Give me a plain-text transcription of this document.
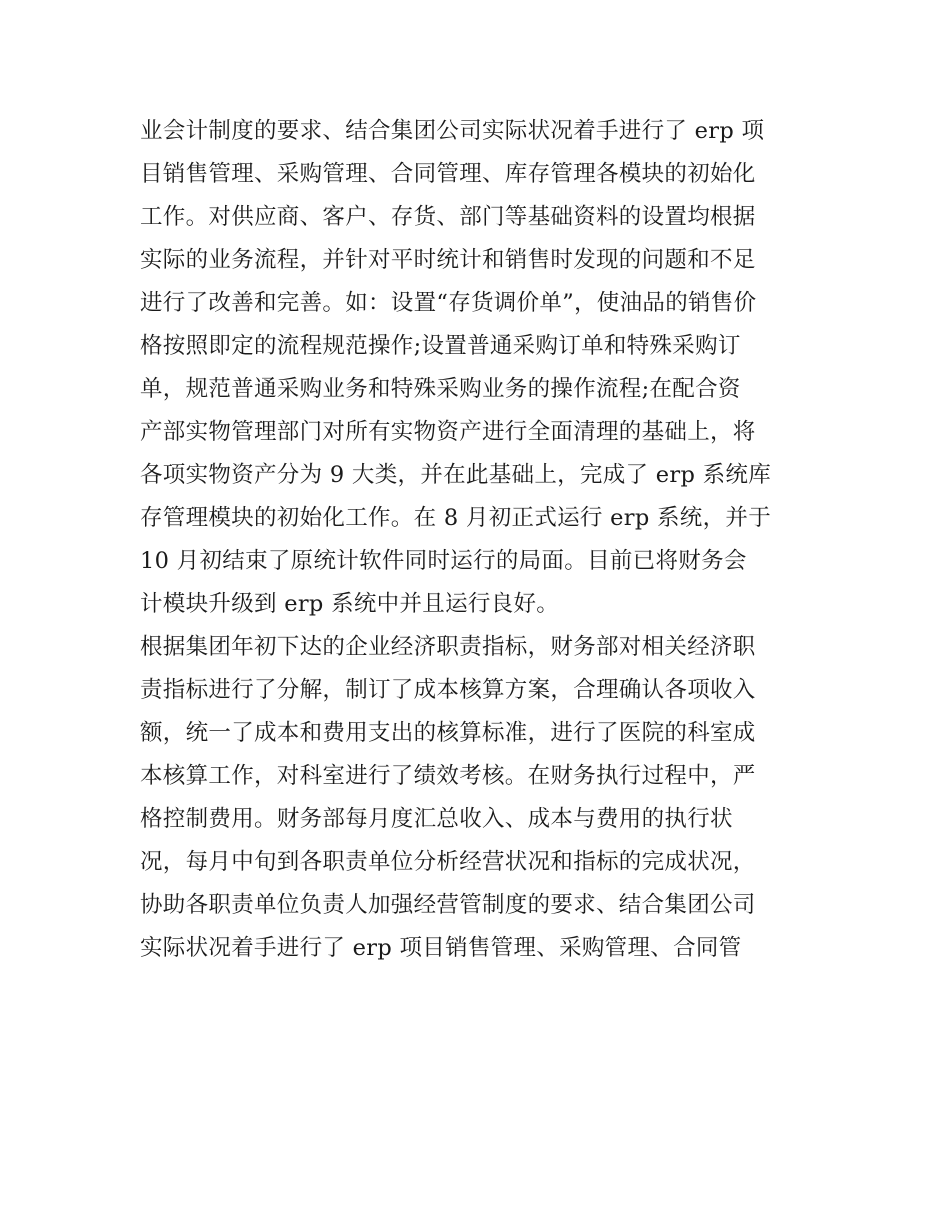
业会计制度的要求、结合集团公司实际状况着手进行了 erp 项
目销售管理、采购管理、合同管理、库存管理各模块的初始化
工作。对供应商、客户、存货、部门等基础资料的设置均根据
实际的业务流程，并针对平时统计和销售时发现的问题和不足
进行了改善和完善。如：设置“存货调价单”，使油品的销售价
格按照即定的流程规范操作;设置普通采购订单和特殊采购订
单，规范普通采购业务和特殊采购业务的操作流程;在配合资
产部实物管理部门对所有实物资产进行全面清理的基础上，将
各项实物资产分为 9 大类，并在此基础上，完成了 erp 系统库
存管理模块的初始化工作。在 8 月初正式运行 erp 系统，并于
10 月初结束了原统计软件同时运行的局面。目前已将财务会
计模块升级到 erp 系统中并且运行良好。
根据集团年初下达的企业经济职责指标，财务部对相关经济职
责指标进行了分解，制订了成本核算方案，合理确认各项收入
额，统一了成本和费用支出的核算标准，进行了医院的科室成
本核算工作，对科室进行了绩效考核。在财务执行过程中，严
格控制费用。财务部每月度汇总收入、成本与费用的执行状
况，每月中旬到各职责单位分析经营状况和指标的完成状况，
协助各职责单位负责人加强经营管制度的要求、结合集团公司
实际状况着手进行了 erp 项目销售管理、采购管理、合同管
